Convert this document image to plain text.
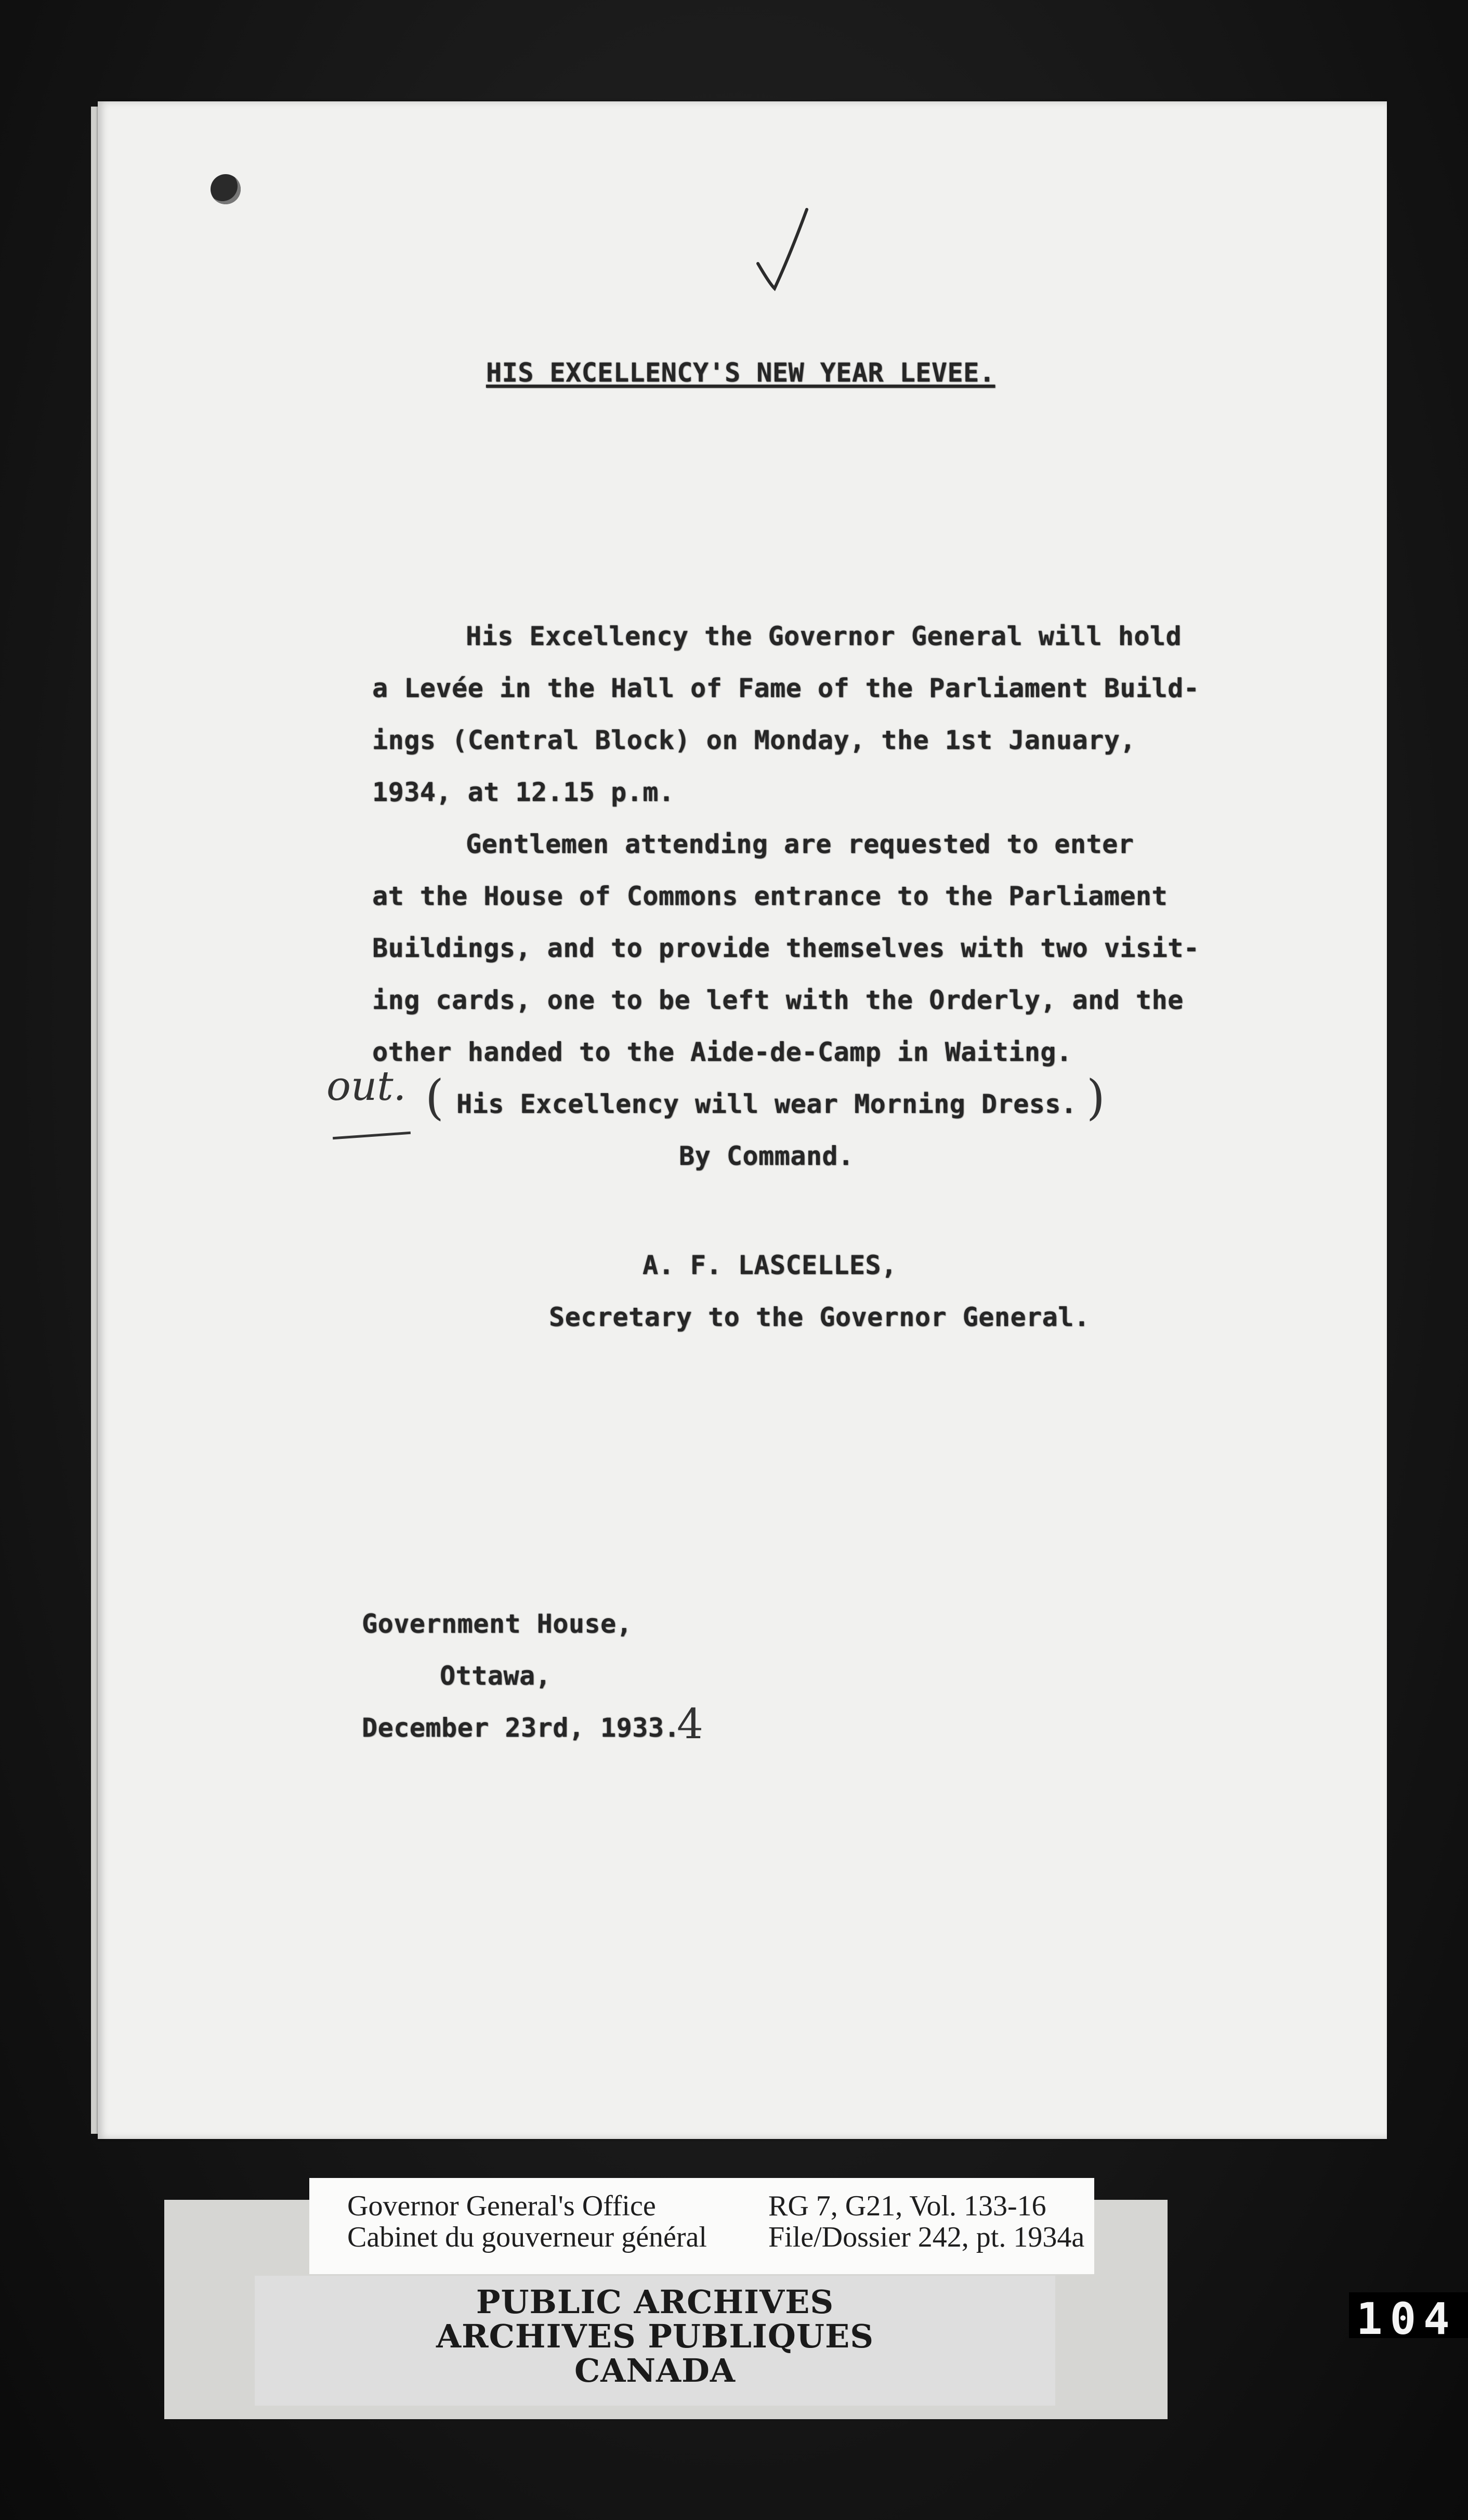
HIS EXCELLENCY'S NEW YEAR LEVEE.

His Excellency the Governor General will hold

a Levée in the Hall of Fame of the Parliament Build-

ings (Central Block) on Monday, the 1st January,

1934, at 12.15 p.m.

Gentlemen attending are requested to enter

at the House of Commons entrance to the Parliament

Buildings, and to provide themselves with two visit-

ing cards, one to be left with the Orderly, and the

other handed to the Aide-de-Camp in Waiting.

out. ( His Excellency will wear Morning Dress. )

By Command.

A. F. LASCELLES,

Secretary to the Governor General.

Government House,

Ottawa,

December 23rd, 1933.

4
Governor General's Office
Cabinet du gouverneur général
RG 7, G21, Vol. 133-16
File/Dossier 242, pt. 1934a
PUBLIC ARCHIVES
ARCHIVES PUBLIQUES
CANADA
104
